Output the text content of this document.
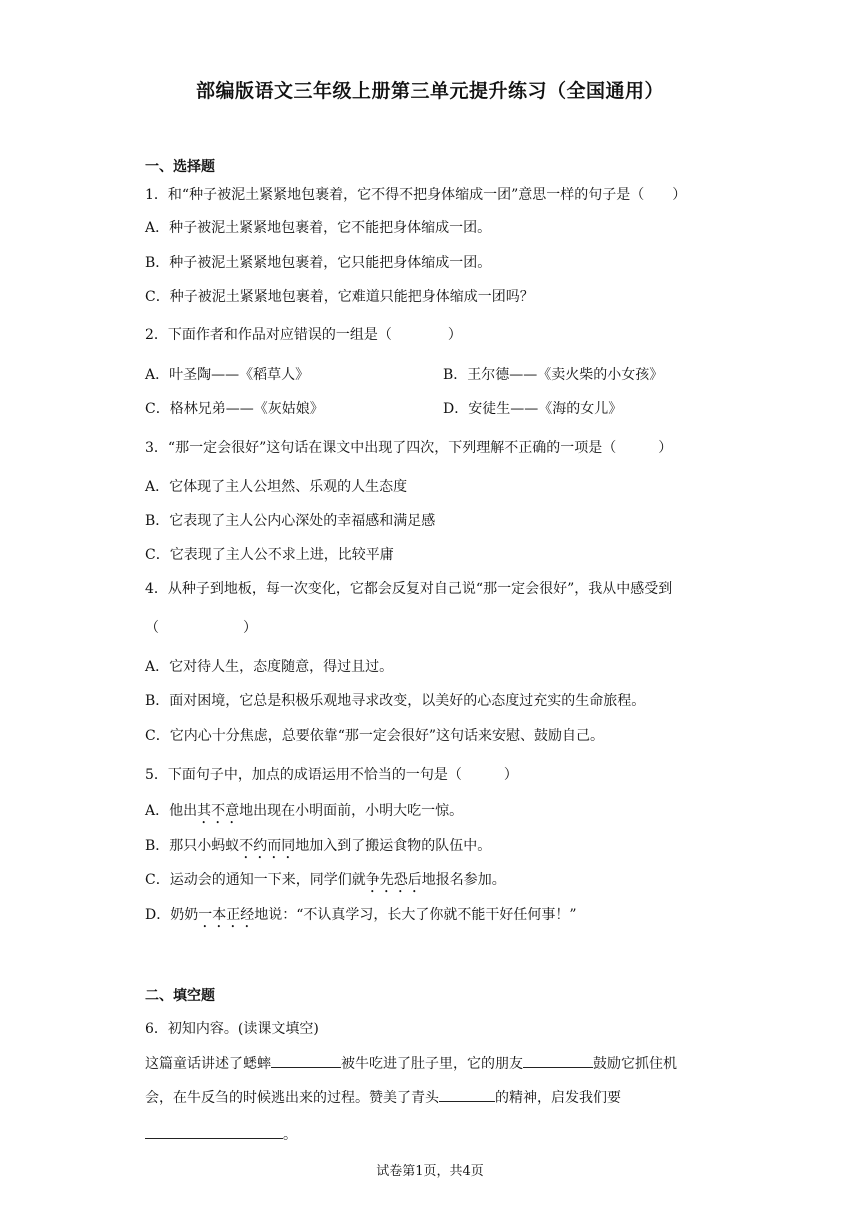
部编版语文三年级上册第三单元提升练习（全国通用）
一、选择题
1．和“种子被泥土紧紧地包裹着，它不得不把身体缩成一团”意思一样的句子是（　　）
A．种子被泥土紧紧地包裹着，它不能把身体缩成一团。
B．种子被泥土紧紧地包裹着，它只能把身体缩成一团。
C．种子被泥土紧紧地包裹着，它难道只能把身体缩成一团吗？
2．下面作者和作品对应错误的一组是（　　　　）
A．叶圣陶——《稻草人》	B．王尔德——《卖火柴的小女孩》
C．格林兄弟——《灰姑娘》	D．安徒生——《海的女儿》
3．“那一定会很好”这句话在课文中出现了四次，下列理解不正确的一项是（　　　）
A．它体现了主人公坦然、乐观的人生态度
B．它表现了主人公内心深处的幸福感和满足感
C．它表现了主人公不求上进，比较平庸
4．从种子到地板，每一次变化，它都会反复对自己说“那一定会很好”，我从中感受到
（　　　　　　）
A．它对待人生，态度随意，得过且过。
B．面对困境，它总是积极乐观地寻求改变，以美好的心态度过充实的生命旅程。
C．它内心十分焦虑，总要依靠“那一定会很好”这句话来安慰、鼓励自己。
5．下面句子中，加点的成语运用不恰当的一句是（　　　）
A．他出其不意地出现在小明面前，小明大吃一惊。
B．那只小蚂蚁不约而同地加入到了搬运食物的队伍中。
C．运动会的通知一下来，同学们就争先恐后地报名参加。
D．奶奶一本正经地说：“不认真学习，长大了你就不能干好任何事！”
二、填空题
6．初知内容。(读课文填空)
这篇童话讲述了蟋蟀	被牛吃进了肚子里，它的朋友	鼓励它抓住机
会，在牛反刍的时候逃出来的过程。赞美了青头	的精神，启发我们要
。
试卷第1页，共4页
